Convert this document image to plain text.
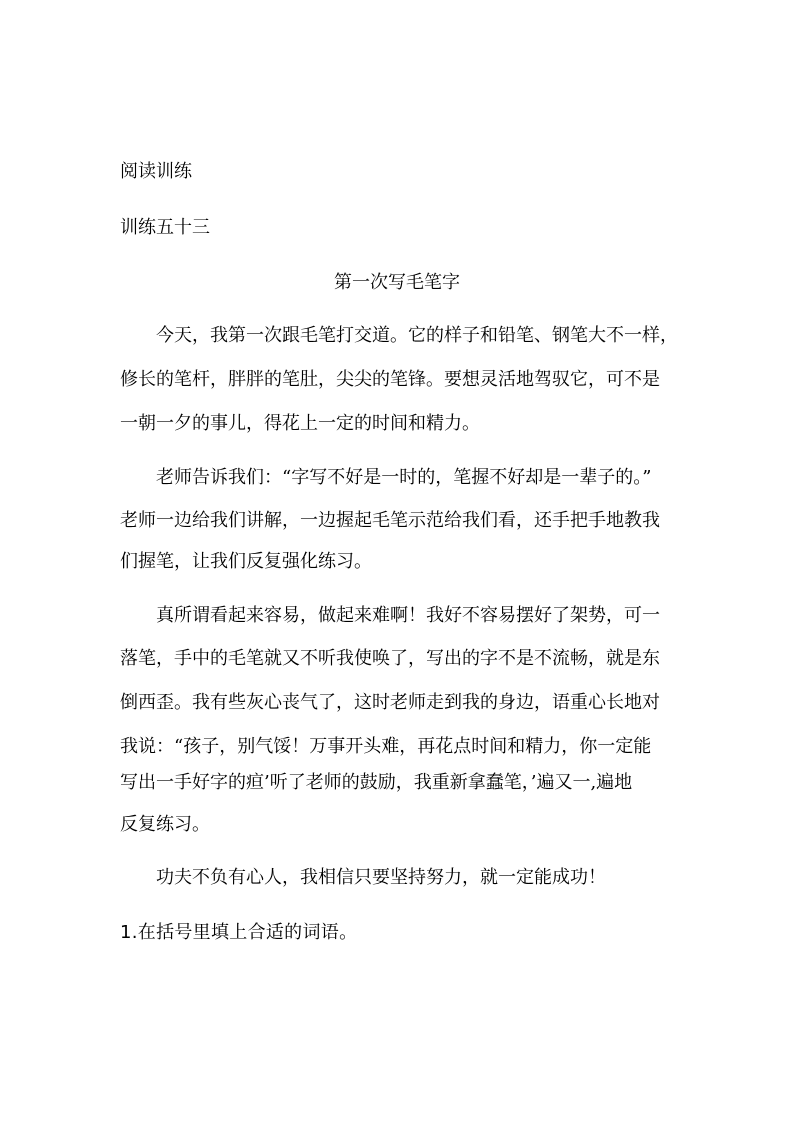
阅读训练
训练五十三
第一次写毛笔字
今天，我第一次跟毛笔打交道。它的样子和铅笔、钢笔大不一样，
修长的笔杆，胖胖的笔肚，尖尖的笔锋。要想灵活地驾驭它，可不是
一朝一夕的事儿，得花上一定的时间和精力。
老师告诉我们：“字写不好是一时的，笔握不好却是一辈子的。”
老师一边给我们讲解，一边握起毛笔示范给我们看，还手把手地教我
们握笔，让我们反复强化练习。
真所谓看起来容易，做起来难啊！我好不容易摆好了架势，可一
落笔，手中的毛笔就又不听我使唤了，写出的字不是不流畅，就是东
倒西歪。我有些灰心丧气了，这时老师走到我的身边，语重心长地对
我说：“孩子，别气馁！万事开头难，再花点时间和精力，你一定能
写出一手好字的疸’听了老师的鼓励，我重新拿蠢笔，’遍又一,遍地
反复练习。
功夫不负有心人，我相信只要坚持努力，就一定能成功！
1.在括号里填上合适的词语。
